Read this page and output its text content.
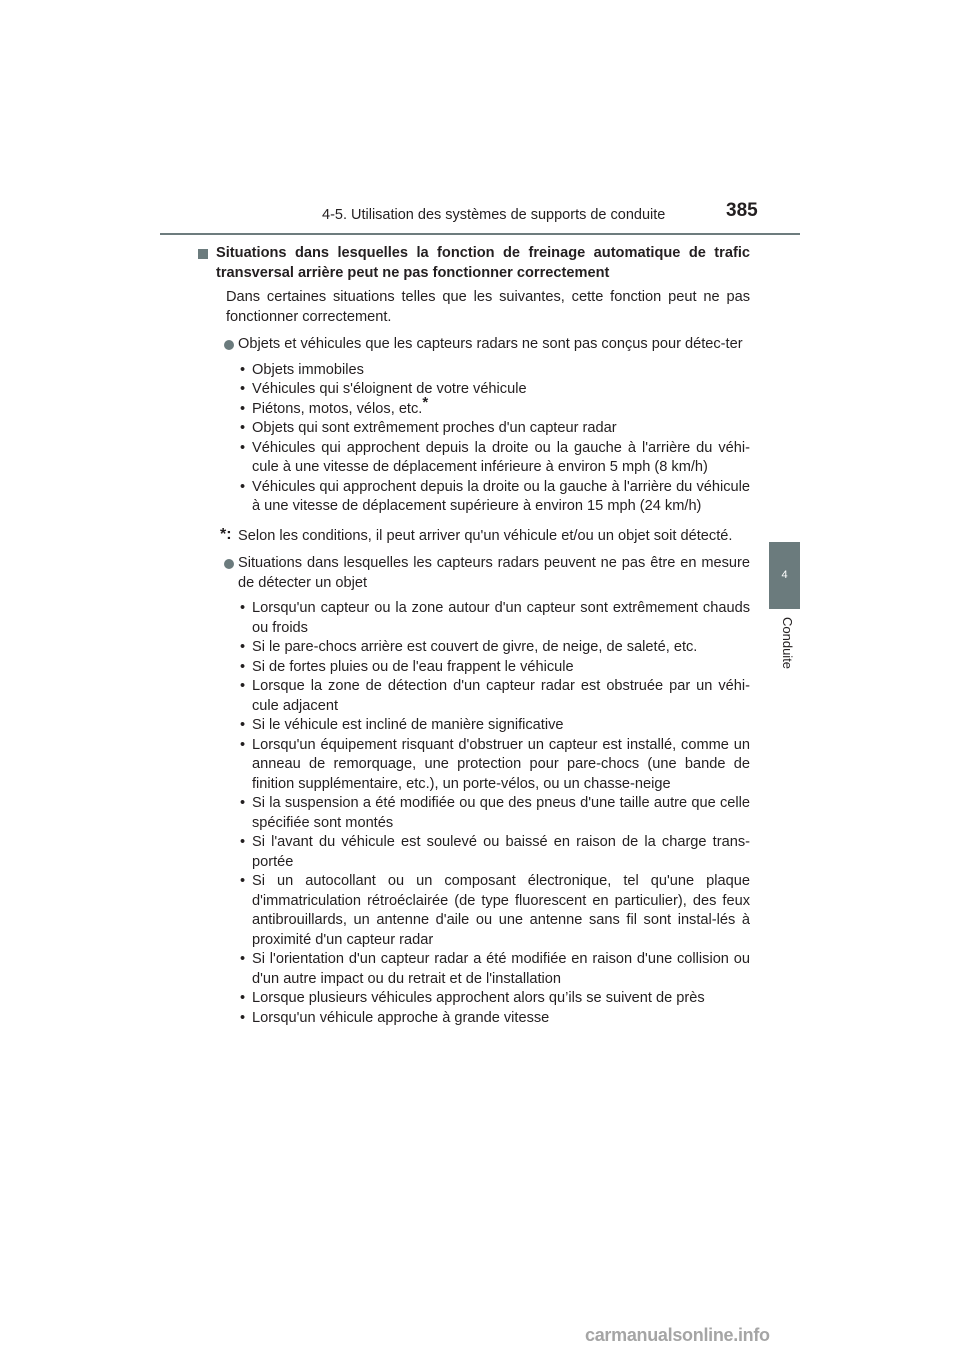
4-5. Utilisation des systèmes de supports de conduite	385
4
Conduite
Situations dans lesquelles la fonction de freinage automatique de trafic transversal arrière peut ne pas fonctionner correctement
Dans certaines situations telles que les suivantes, cette fonction peut ne pas fonctionner correctement.
Objets et véhicules que les capteurs radars ne sont pas conçus pour détec-ter
• Objets immobiles
• Véhicules qui s'éloignent de votre véhicule
• Piétons, motos, vélos, etc.*
• Objets qui sont extrêmement proches d'un capteur radar
• Véhicules qui approchent depuis la droite ou la gauche à l'arrière du véhi-cule à une vitesse de déplacement inférieure à environ 5 mph (8 km/h)
• Véhicules qui approchent depuis la droite ou la gauche à l'arrière du véhicule à une vitesse de déplacement supérieure à environ 15 mph (24 km/h)
*: Selon les conditions, il peut arriver qu'un véhicule et/ou un objet soit détecté.
Situations dans lesquelles les capteurs radars peuvent ne pas être en mesure de détecter un objet
• Lorsqu'un capteur ou la zone autour d'un capteur sont extrêmement chauds ou froids
• Si le pare-chocs arrière est couvert de givre, de neige, de saleté, etc.
• Si de fortes pluies ou de l'eau frappent le véhicule
• Lorsque la zone de détection d'un capteur radar est obstruée par un véhi-cule adjacent
• Si le véhicule est incliné de manière significative
• Lorsqu'un équipement risquant d'obstruer un capteur est installé, comme un anneau de remorquage, une protection pour pare-chocs (une bande de finition supplémentaire, etc.), un porte-vélos, ou un chasse-neige
• Si la suspension a été modifiée ou que des pneus d'une taille autre que celle spécifiée sont montés
• Si l'avant du véhicule est soulevé ou baissé en raison de la charge trans-portée
• Si un autocollant ou un composant électronique, tel qu'une plaque d'immatriculation rétroéclairée (de type fluorescent en particulier), des feux antibrouillards, un antenne d'aile ou une antenne sans fil sont instal-lés à proximité d'un capteur radar
• Si l'orientation d'un capteur radar a été modifiée en raison d'une collision ou d'un autre impact ou du retrait et de l'installation
• Lorsque plusieurs véhicules approchent alors qu’ils se suivent de près
• Lorsqu'un véhicule approche à grande vitesse
carmanualsonline.info
